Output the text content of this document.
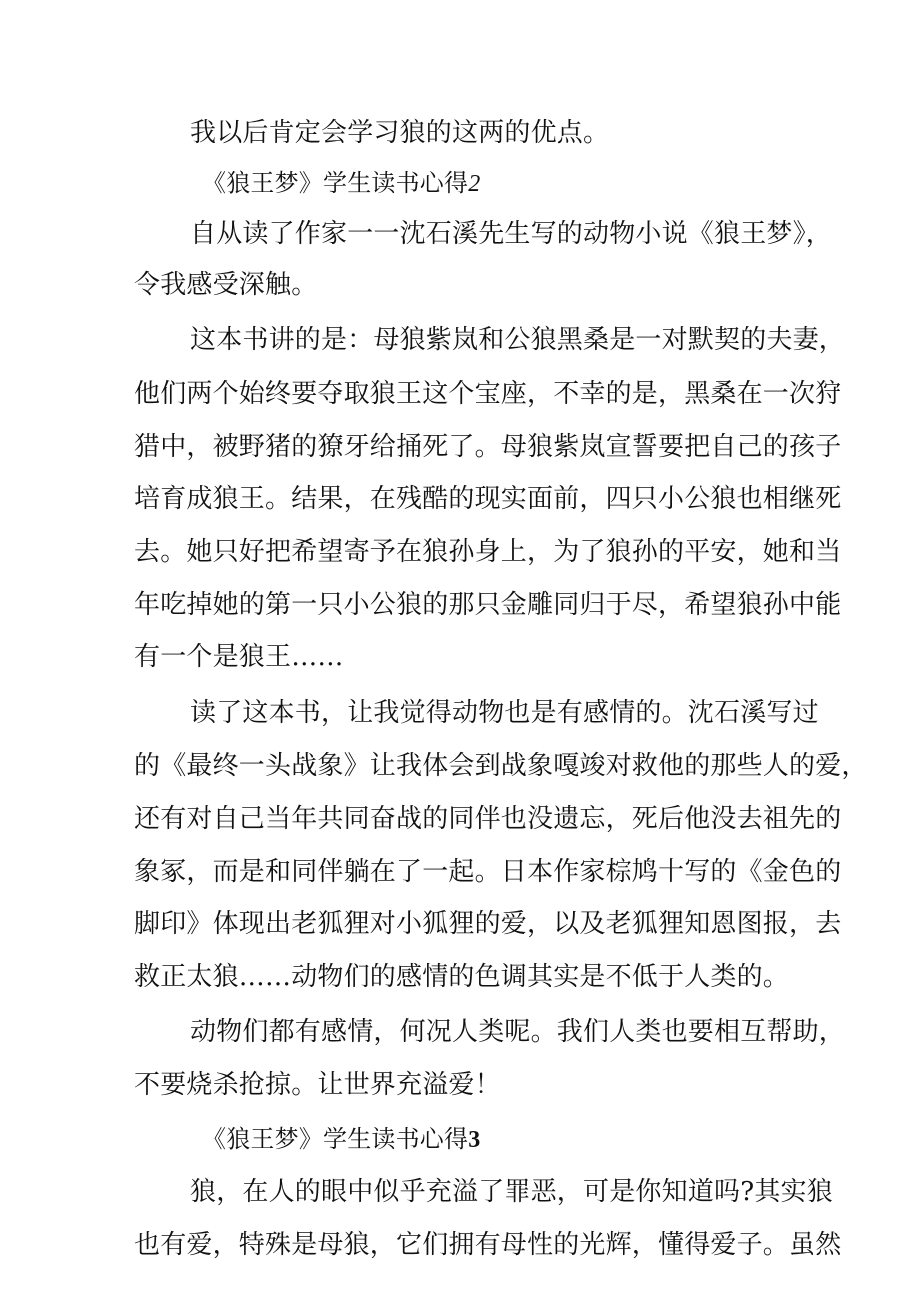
我以后肯定会学习狼的这两的优点。
《狼王梦》学生读书心得2
自从读了作家一一沈石溪先生写的动物小说《狼王梦》，
令我感受深触。
这本书讲的是：母狼紫岚和公狼黑桑是一对默契的夫妻，
他们两个始终要夺取狼王这个宝座，不幸的是，黑桑在一次狩
猎中，被野猪的獠牙给捅死了。母狼紫岚宣誓要把自己的孩子
培育成狼王。结果，在残酷的现实面前，四只小公狼也相继死
去。她只好把希望寄予在狼孙身上，为了狼孙的平安，她和当
年吃掉她的第一只小公狼的那只金雕同归于尽，希望狼孙中能
有一个是狼王……
读了这本书，让我觉得动物也是有感情的。沈石溪写过
的《最终一头战象》让我体会到战象嘎竣对救他的那些人的爱，
还有对自己当年共同奋战的同伴也没遗忘，死后他没去祖先的
象冢，而是和同伴躺在了一起。日本作家棕鸠十写的《金色的
脚印》体现出老狐狸对小狐狸的爱，以及老狐狸知恩图报，去
救正太狼……动物们的感情的色调其实是不低于人类的。
动物们都有感情，何况人类呢。我们人类也要相互帮助，
不要烧杀抢掠。让世界充溢爱！
《狼王梦》学生读书心得3
狼，在人的眼中似乎充溢了罪恶，可是你知道吗?其实狼
也有爱，特殊是母狼，它们拥有母性的光辉，懂得爱子。虽然
